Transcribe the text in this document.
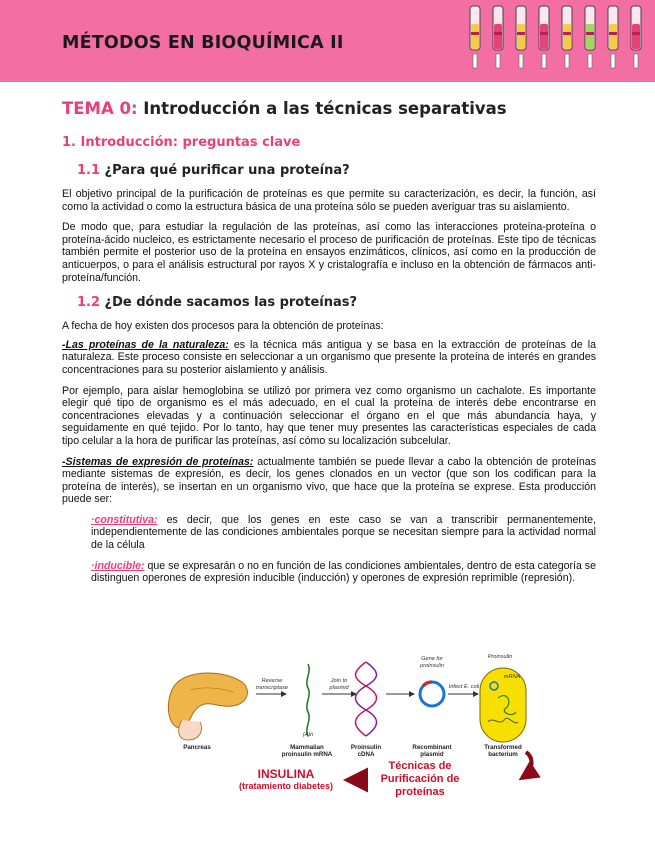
MÉTODOS EN BIOQUÍMICA II
TEMA 0: Introducción a las técnicas separativas
1. Introducción: preguntas clave
1.1 ¿Para qué purificar una proteína?

El objetivo principal de la purificación de proteínas es que permite su caracterización, es decir, la función, así como la actividad o como la estructura básica de una proteína sólo se pueden averiguar tras su aislamiento.

De modo que, para estudiar la regulación de las proteínas, así como las interacciones proteína-proteína o proteína-ácido nucleico, es estrictamente necesario el proceso de purificación de proteínas. Este tipo de técnicas también permite el posterior uso de la proteína en ensayos enzimáticos, clínicos, así como en la producción de anticuerpos, o para el análisis estructural por rayos X y cristalografía e incluso en la obtención de fármacos anti-proteína/función.

1.2 ¿De dónde sacamos las proteínas?

A fecha de hoy existen dos procesos para la obtención de proteínas:

-Las proteínas de la naturaleza: es la técnica más antigua y se basa en la extracción de proteínas de la naturaleza. Este proceso consiste en seleccionar a un organismo que presente la proteína de interés en grandes concentraciones para su posterior aislamiento y análisis.

Por ejemplo, para aislar hemoglobina se utilizó por primera vez como organismo un cachalote. Es importante elegir qué tipo de organismo es el más adecuado, en el cual la proteína de interés debe encontrarse en concentraciones elevadas y a continuación seleccionar el órgano en el que más abundancia haya, y seguidamente en qué tejido. Por lo tanto, hay que tener muy presentes las características especiales de cada tipo celular a la hora de purificar las proteínas, así cómo su localización subcelular.

-Sistemas de expresión de proteínas: actualmente también se puede llevar a cabo la obtención de proteínas mediante sistemas de expresión, es decir, los genes clonados en un vector (que son los codifican para la proteína de interés), se insertan en un organismo vivo, que hace que la proteína se exprese. Esta producción puede ser:

·constitutiva: es decir, que los genes en este caso se van a transcribir permanentemente, independientemente de las condiciones ambientales porque se necesitan siempre para la actividad normal de la célula

·inducible: que se expresarán o no en función de las condiciones ambientales, dentro de esta categoría se distinguen operones de expresión inducible (inducción) y operones de expresión reprimible (represión).

Pancreas	Mammalian proinsulin mRNA
Proinsulin cDNA
Recombinant plasmid
Transformed bacterium
(A)n
Gene for proinsulin
Proinsulin
mRNA
Reverse transcriptase
Join to plasmid	Infect E. coli
INSULINA
(tratamiento diabetes)
Técnicas de Purificación de proteínas
